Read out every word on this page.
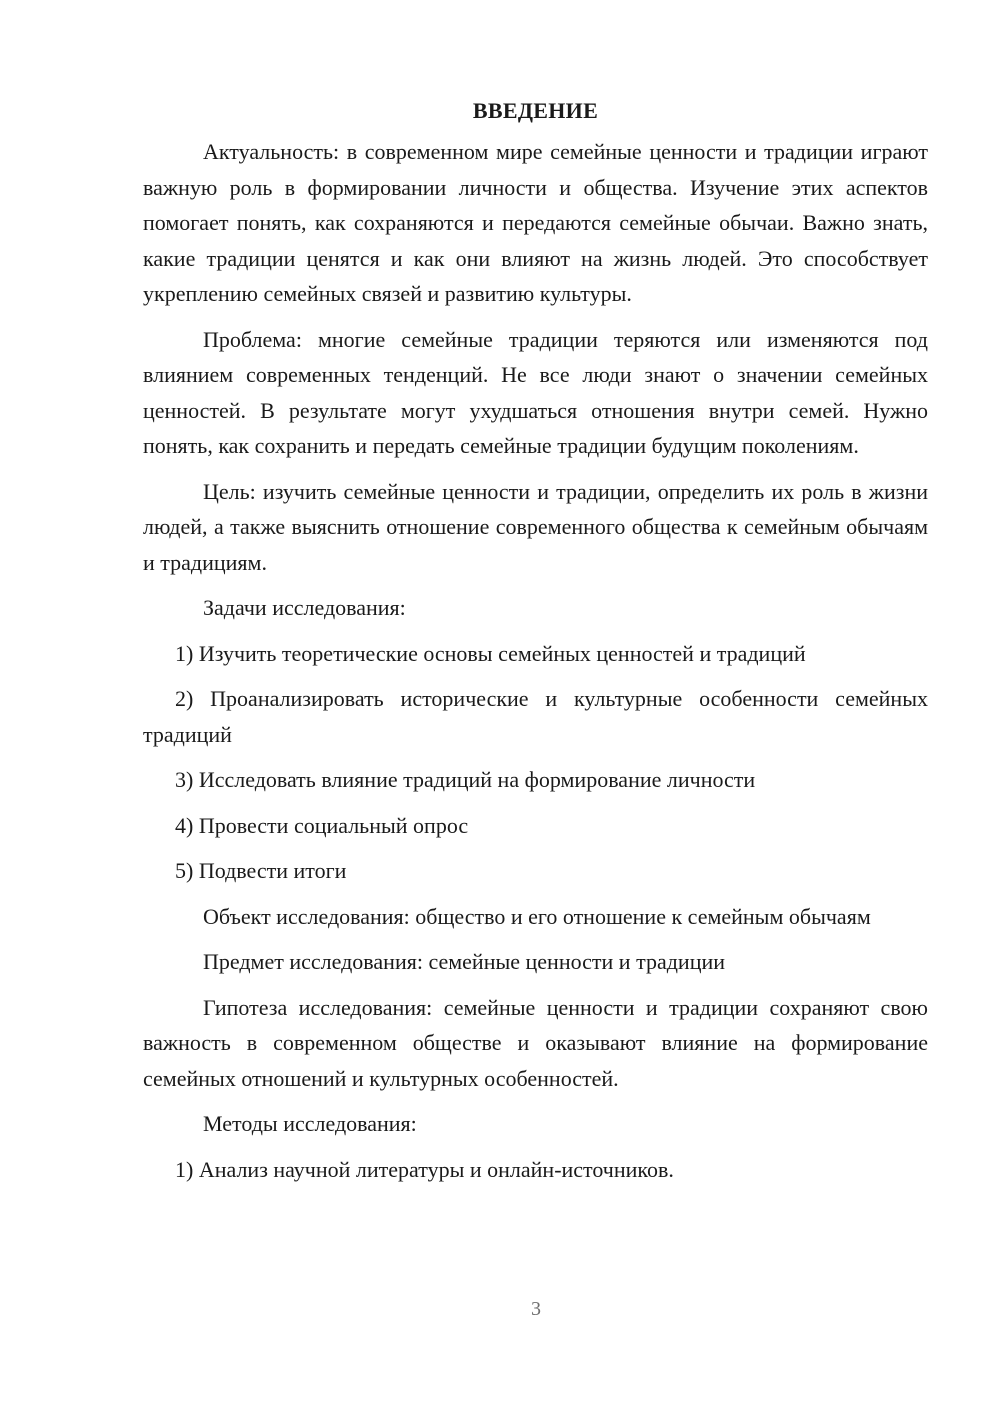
ВВЕДЕНИЕ

Актуальность: в современном мире семейные ценности и традиции играют важную роль в формировании личности и общества. Изучение этих аспектов помогает понять, как сохраняются и передаются семейные обычаи. Важно знать, какие традиции ценятся и как они влияют на жизнь людей. Это способствует укреплению семейных связей и развитию культуры.

Проблема: многие семейные традиции теряются или изменяются под влиянием современных тенденций. Не все люди знают о значении семейных ценностей. В результате могут ухудшаться отношения внутри семей. Нужно понять, как сохранить и передать семейные традиции будущим поколениям.

Цель: изучить семейные ценности и традиции, определить их роль в жизни людей, а также выяснить отношение современного общества к семейным обычаям и традициям.

Задачи исследования:

1) Изучить теоретические основы семейных ценностей и традиций

2) Проанализировать исторические и культурные особенности семейных традиций

3) Исследовать влияние традиций на формирование личности

4) Провести социальный опрос

5) Подвести итоги

Объект исследования: общество и его отношение к семейным обычаям

Предмет исследования: семейные ценности и традиции

Гипотеза исследования: семейные ценности и традиции сохраняют свою важность в современном обществе и оказывают влияние на формирование семейных отношений и культурных особенностей.

Методы исследования:

1) Анализ научной литературы и онлайн-источников.

3
